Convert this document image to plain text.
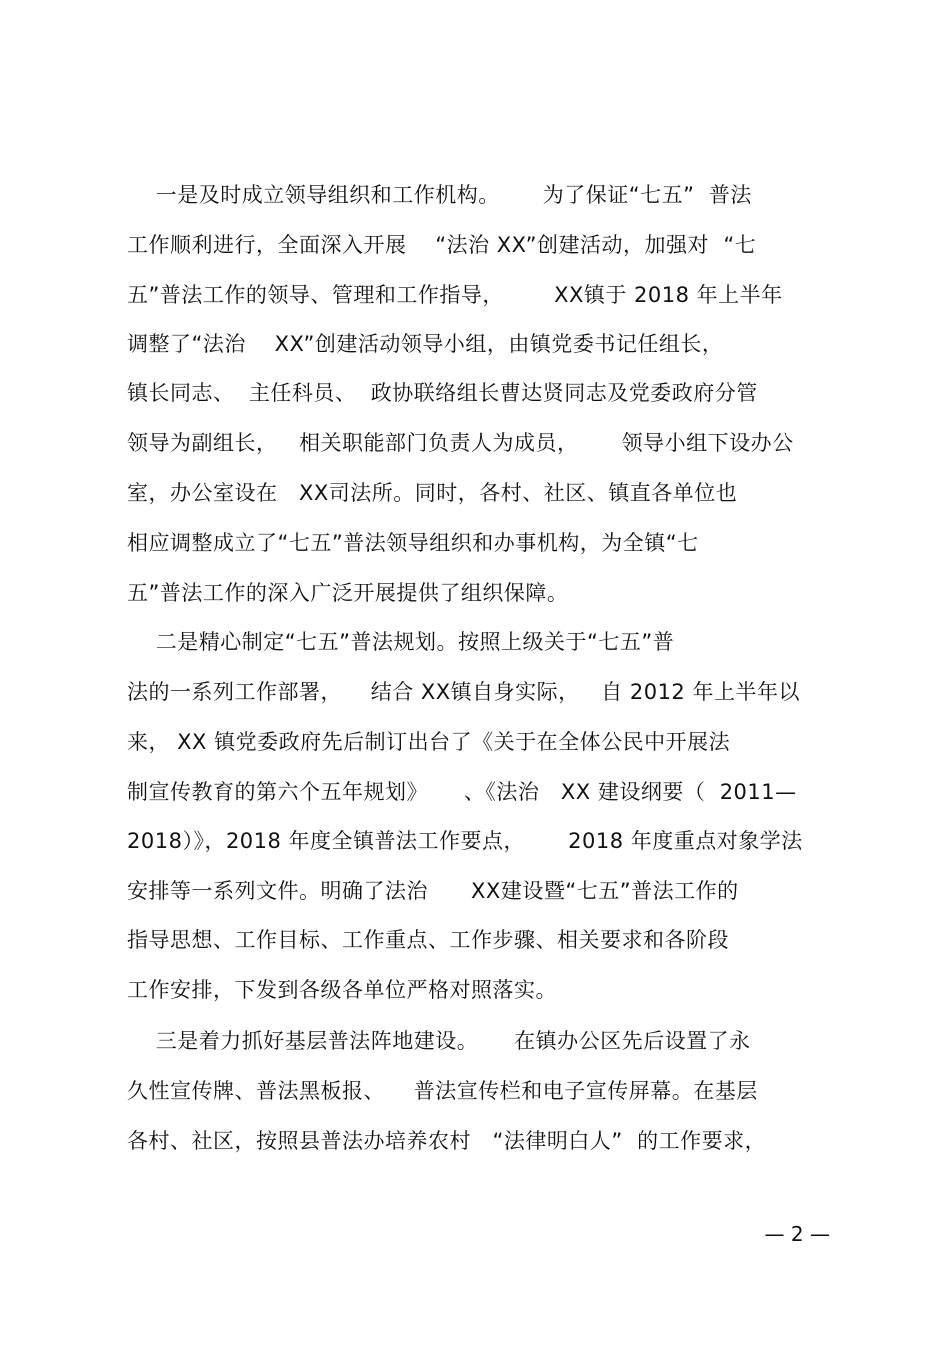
一是及时成立领导组织和工作机构。      为了保证“七五”  普法
工作顺利进行，全面深入开展    “法治 XX”创建活动，加强对  “七
五”普法工作的领导、管理和工作指导，       XX镇于 2018 年上半年
调整了“法治    XX”创建活动领导小组，由镇党委书记任组长，
镇长同志、  主任科员、  政协联络组长曹达贤同志及党委政府分管
领导为副组长，   相关职能部门负责人为成员，      领导小组下设办公
室，办公室设在   XX司法所。同时，各村、社区、镇直各单位也
相应调整成立了“七五”普法领导组织和办事机构，为全镇“七
五”普法工作的深入广泛开展提供了组织保障。
二是精心制定“七五”普法规划。按照上级关于“七五”普
法的一系列工作部署，    结合 XX镇自身实际，   自 2012 年上半年以
来， XX 镇党委政府先后制订出台了《关于在全体公民中开展法
制宣传教育的第六个五年规划》     、《法治   XX 建设纲要（  2011—
2018）》，2018 年度全镇普法工作要点，      2018 年度重点对象学法
安排等一系列文件。明确了法治      XX建设暨“七五”普法工作的
指导思想、工作目标、工作重点、工作步骤、相关要求和各阶段
工作安排，下发到各级各单位严格对照落实。
三是着力抓好基层普法阵地建设。     在镇办公区先后设置了永
久性宣传牌、普法黑板报、    普法宣传栏和电子宣传屏幕。在基层
各村、社区，按照县普法办培养农村   “法律明白人”  的工作要求，
— 2 —
